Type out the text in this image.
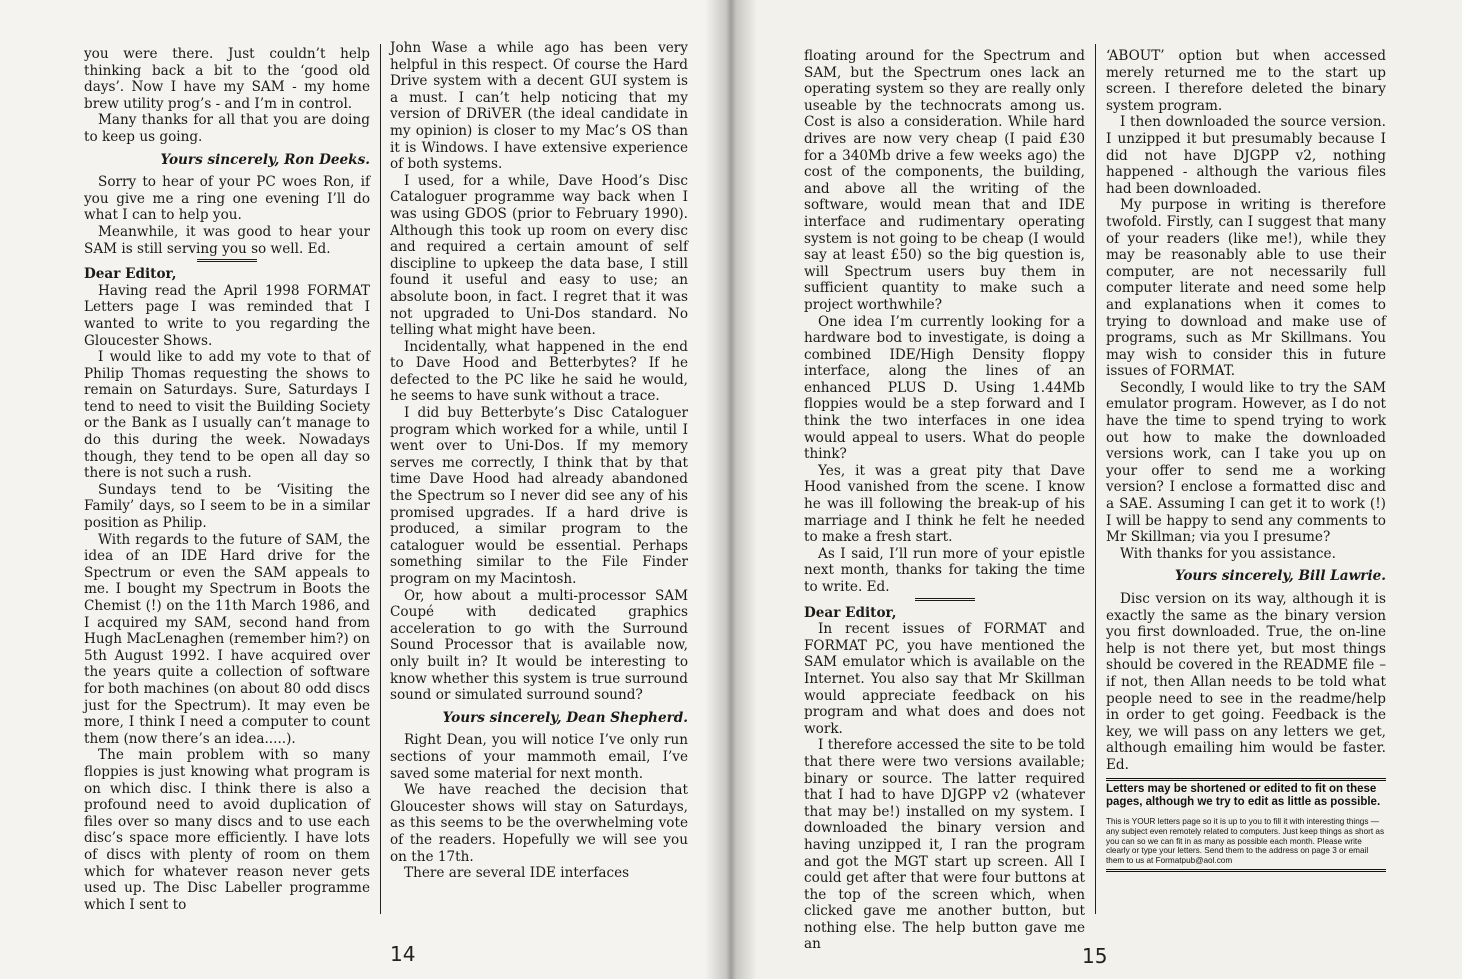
you were there. Just couldn’t help thinking back a bit to the ‘good old days’. Now I have my SAM - my home brew utility prog’s - and I’m in control.

Many thanks for all that you are doing to keep us going.

Yours sincerely, Ron Deeks.

Sorry to hear of your PC woes Ron, if you give me a ring one evening I’ll do what I can to help you.

Meanwhile, it was good to hear your SAM is still serving you so well. Ed.

Dear Editor,

Having read the April 1998 FORMAT Letters page I was reminded that I wanted to write to you regarding the Gloucester Shows.

I would like to add my vote to that of Philip Thomas requesting the shows to remain on Saturdays. Sure, Saturdays I tend to need to visit the Building Society or the Bank as I usually can’t manage to do this during the week. Nowadays though, they tend to be open all day so there is not such a rush.

Sundays tend to be ‘Visiting the Family’ days, so I seem to be in a similar position as Philip.

With regards to the future of SAM, the idea of an IDE Hard drive for the Spectrum or even the SAM appeals to me. I bought my Spectrum in Boots the Chemist (!) on the 11th March 1986, and I acquired my SAM, second hand from Hugh MacLenaghen (remember him?) on 5th August 1992. I have acquired over the years quite a collection of software for both machines (on about 80 odd discs just for the Spectrum). It may even be more, I think I need a computer to count them (now there’s an idea.....).

The main problem with so many floppies is just knowing what program is on which disc. I think there is also a profound need to avoid duplication of files over so many discs and to use each disc’s space more efficiently. I have lots of discs with plenty of room on them which for whatever reason never gets used up. The Disc Labeller programme which I sent to

John Wase a while ago has been very helpful in this respect. Of course the Hard Drive system with a decent GUI system is a must. I can’t help noticing that my version of DRiVER (the ideal candidate in my opinion) is closer to my Mac’s OS than it is Windows. I have extensive experience of both systems.

I used, for a while, Dave Hood’s Disc Cataloguer programme way back when I was using GDOS (prior to February 1990). Although this took up room on every disc and required a certain amount of self discipline to upkeep the data base, I still found it useful and easy to use; an absolute boon, in fact. I regret that it was not upgraded to Uni-Dos standard. No telling what might have been.

Incidentally, what happened in the end to Dave Hood and Betterbytes? If he defected to the PC like he said he would, he seems to have sunk without a trace.

I did buy Betterbyte’s Disc Cataloguer program which worked for a while, until I went over to Uni-Dos. If my memory serves me correctly, I think that by that time Dave Hood had already abandoned the Spectrum so I never did see any of his promised upgrades. If a hard drive is produced, a similar program to the cataloguer would be essential. Perhaps something similar to the File Finder program on my Macintosh.

Or, how about a multi-processor SAM Coupé with dedicated graphics acceleration to go with the Surround Sound Processor that is available now, only built in? It would be interesting to know whether this system is true surround sound or simulated surround sound?

Yours sincerely, Dean Shepherd.

Right Dean, you will notice I’ve only run sections of your mammoth email, I’ve saved some material for next month.

We have reached the decision that Gloucester shows will stay on Saturdays, as this seems to be the overwhelming vote of the readers. Hopefully we will see you on the 17th.

There are several IDE interfaces

14

floating around for the Spectrum and SAM, but the Spectrum ones lack an operating system so they are really only useable by the technocrats among us. Cost is also a consideration. While hard drives are now very cheap (I paid £30 for a 340Mb drive a few weeks ago) the cost of the components, the building, and above all the writing of the software, would mean that and IDE interface and rudimentary operating system is not going to be cheap (I would say at least £50) so the big question is, will Spectrum users buy them in sufficient quantity to make such a project worthwhile?

One idea I’m currently looking for a hardware bod to investigate, is doing a combined IDE/High Density floppy interface, along the lines of an enhanced PLUS D. Using 1.44Mb floppies would be a step forward and I think the two interfaces in one idea would appeal to users. What do people think?

Yes, it was a great pity that Dave Hood vanished from the scene. I know he was ill following the break-up of his marriage and I think he felt he needed to make a fresh start.

As I said, I’ll run more of your epistle next month, thanks for taking the time to write. Ed.

Dear Editor,

In recent issues of FORMAT and FORMAT PC, you have mentioned the SAM emulator which is available on the Internet. You also say that Mr Skillman would appreciate feedback on his program and what does and does not work.

I therefore accessed the site to be told that there were two versions available; binary or source. The latter required that I had to have DJGPP v2 (whatever that may be!) installed on my system. I downloaded the binary version and having unzipped it, I ran the program and got the MGT start up screen. All I could get after that were four buttons at the top of the screen which, when clicked gave me another button, but nothing else. The help button gave me an

‘ABOUT’ option but when accessed merely returned me to the start up screen. I therefore deleted the binary system program.

I then downloaded the source version. I unzipped it but presumably because I did not have DJGPP v2, nothing happened - although the various files had been downloaded.

My purpose in writing is therefore twofold. Firstly, can I suggest that many of your readers (like me!), while they may be reasonably able to use their computer, are not necessarily full computer literate and need some help and explanations when it comes to trying to download and make use of programs, such as Mr Skillmans. You may wish to consider this in future issues of FORMAT.

Secondly, I would like to try the SAM emulator program. However, as I do not have the time to spend trying to work out how to make the downloaded versions work, can I take you up on your offer to send me a working version? I enclose a formatted disc and a SAE. Assuming I can get it to work (!) I will be happy to send any comments to Mr Skillman; via you I presume?

With thanks for you assistance.

Yours sincerely, Bill Lawrie.

Disc version on its way, although it is exactly the same as the binary version you first downloaded. True, the on-line help is not there yet, but most things should be covered in the README file – if not, then Allan needs to be told what people need to see in the readme/help in order to get going. Feedback is the key, we will pass on any letters we get, although emailing him would be faster. Ed.

Letters may be shortened or edited to fit on these pages, although we try to edit as little as possible.
This is YOUR letters page so it is up to you to fill it with interesting things — any subject even remotely related to computers. Just keep things as short as you can so we can fit in as many as possible each month. Please write clearly or type your letters. Send them to the address on page 3 or email them to us at Formatpub@aol.com
15
